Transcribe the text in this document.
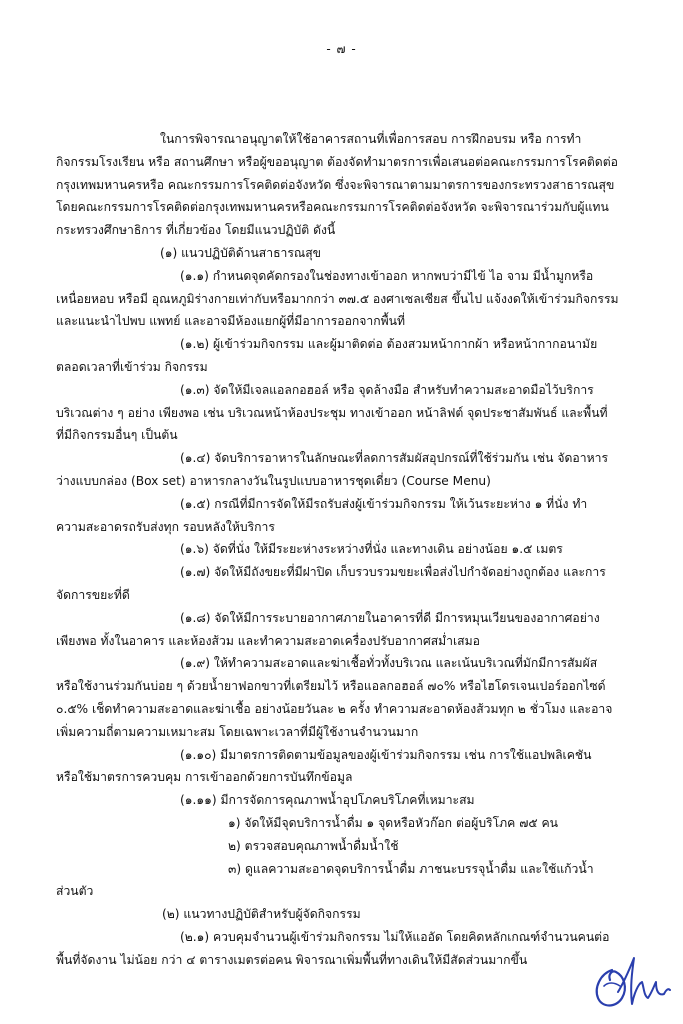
- ๗ -
ในการพิจารณาอนุญาตให้ใช้อาคารสถานที่เพื่อการสอบ การฝึกอบรม หรือ การทำ
กิจกรรมโรงเรียน หรือ สถานศึกษา หรือผู้ขออนุญาต ต้องจัดทำมาตรการเพื่อเสนอต่อคณะกรรมการโรคติดต่อ
กรุงเทพมหานครหรือ คณะกรรมการโรคติดต่อจังหวัด ซึ่งจะพิจารณาตามมาตรการของกระทรวงสาธารณสุข
โดยคณะกรรมการโรคติดต่อกรุงเทพมหานครหรือคณะกรรมการโรคติดต่อจังหวัด จะพิจารณาร่วมกับผู้แทน
กระทรวงศึกษาธิการ ที่เกี่ยวข้อง โดยมีแนวปฏิบัติ ดังนี้
(๑) แนวปฏิบัติด้านสาธารณสุข
(๑.๑) กำหนดจุดคัดกรองในช่องทางเข้าออก หากพบว่ามีไข้ ไอ จาม มีน้ำมูกหรือ
เหนื่อยหอบ หรือมี อุณหภูมิร่างกายเท่ากับหรือมากกว่า ๓๗.๕ องศาเซลเซียส ขึ้นไป แจ้งงดให้เข้าร่วมกิจกรรม
และแนะนำไปพบ แพทย์ และอาจมีห้องแยกผู้ที่มีอาการออกจากพื้นที่
(๑.๒) ผู้เข้าร่วมกิจกรรม และผู้มาติดต่อ ต้องสวมหน้ากากผ้า หรือหน้ากากอนามัย
ตลอดเวลาที่เข้าร่วม กิจกรรม
(๑.๓) จัดให้มีเจลแอลกอฮอล์ หรือ จุดล้างมือ สำหรับทำความสะอาดมือไว้บริการ
บริเวณต่าง ๆ อย่าง เพียงพอ เช่น บริเวณหน้าห้องประชุม ทางเข้าออก หน้าลิฟต์ จุดประชาสัมพันธ์ และพื้นที่
ที่มีกิจกรรมอื่นๆ เป็นต้น
(๑.๔) จัดบริการอาหารในลักษณะที่ลดการสัมผัสอุปกรณ์ที่ใช้ร่วมกัน เช่น จัดอาหาร
ว่างแบบกล่อง (Box set) อาหารกลางวันในรูปแบบอาหารชุดเดี่ยว (Course Menu)
(๑.๕) กรณีที่มีการจัดให้มีรถรับส่งผู้เข้าร่วมกิจกรรม ให้เว้นระยะห่าง ๑ ที่นั่ง ทำ
ความสะอาดรถรับส่งทุก รอบหลังให้บริการ
(๑.๖) จัดที่นั่ง ให้มีระยะห่างระหว่างที่นั่ง และทางเดิน อย่างน้อย ๑.๕ เมตร
(๑.๗) จัดให้มีถังขยะที่มีฝาปิด เก็บรวบรวมขยะเพื่อส่งไปกำจัดอย่างถูกต้อง และการ
จัดการขยะที่ดี
(๑.๘) จัดให้มีการระบายอากาศภายในอาคารที่ดี มีการหมุนเวียนของอากาศอย่าง
เพียงพอ ทั้งในอาคาร และห้องส้วม และทำความสะอาดเครื่องปรับอากาศสม่ำเสมอ
(๑.๙) ให้ทำความสะอาดและฆ่าเชื้อทั่วทั้งบริเวณ และเน้นบริเวณที่มักมีการสัมผัส
หรือใช้งานร่วมกันบ่อย ๆ ด้วยน้ำยาฟอกขาวที่เตรียมไว้ หรือแอลกอฮอล์ ๗๐% หรือไฮโดรเจนเปอร์ออกไซด์
๐.๕% เช็ดทำความสะอาดและฆ่าเชื้อ อย่างน้อยวันละ ๒ ครั้ง ทำความสะอาดห้องส้วมทุก ๒ ชั่วโมง และอาจ
เพิ่มความถี่ตามความเหมาะสม โดยเฉพาะเวลาที่มีผู้ใช้งานจำนวนมาก
(๑.๑๐) มีมาตรการติดตามข้อมูลของผู้เข้าร่วมกิจกรรม เช่น การใช้แอปพลิเคชัน
หรือใช้มาตรการควบคุม การเข้าออกด้วยการบันทึกข้อมูล
(๑.๑๑) มีการจัดการคุณภาพน้ำอุปโภคบริโภคที่เหมาะสม
๑) จัดให้มีจุดบริการน้ำดื่ม ๑ จุดหรือหัวก๊อก ต่อผู้บริโภค ๗๕ คน
๒) ตรวจสอบคุณภาพน้ำดื่มน้ำใช้
๓) ดูแลความสะอาดจุดบริการน้ำดื่ม ภาชนะบรรจุน้ำดื่ม และใช้แก้วน้ำ
ส่วนตัว
(๒) แนวทางปฏิบัติสำหรับผู้จัดกิจกรรม
(๒.๑) ควบคุมจำนวนผู้เข้าร่วมกิจกรรม ไม่ให้แออัด โดยคิดหลักเกณฑ์จำนวนคนต่อ
พื้นที่จัดงาน ไม่น้อย กว่า ๔ ตารางเมตรต่อคน พิจารณาเพิ่มพื้นที่ทางเดินให้มีสัดส่วนมากขึ้น
